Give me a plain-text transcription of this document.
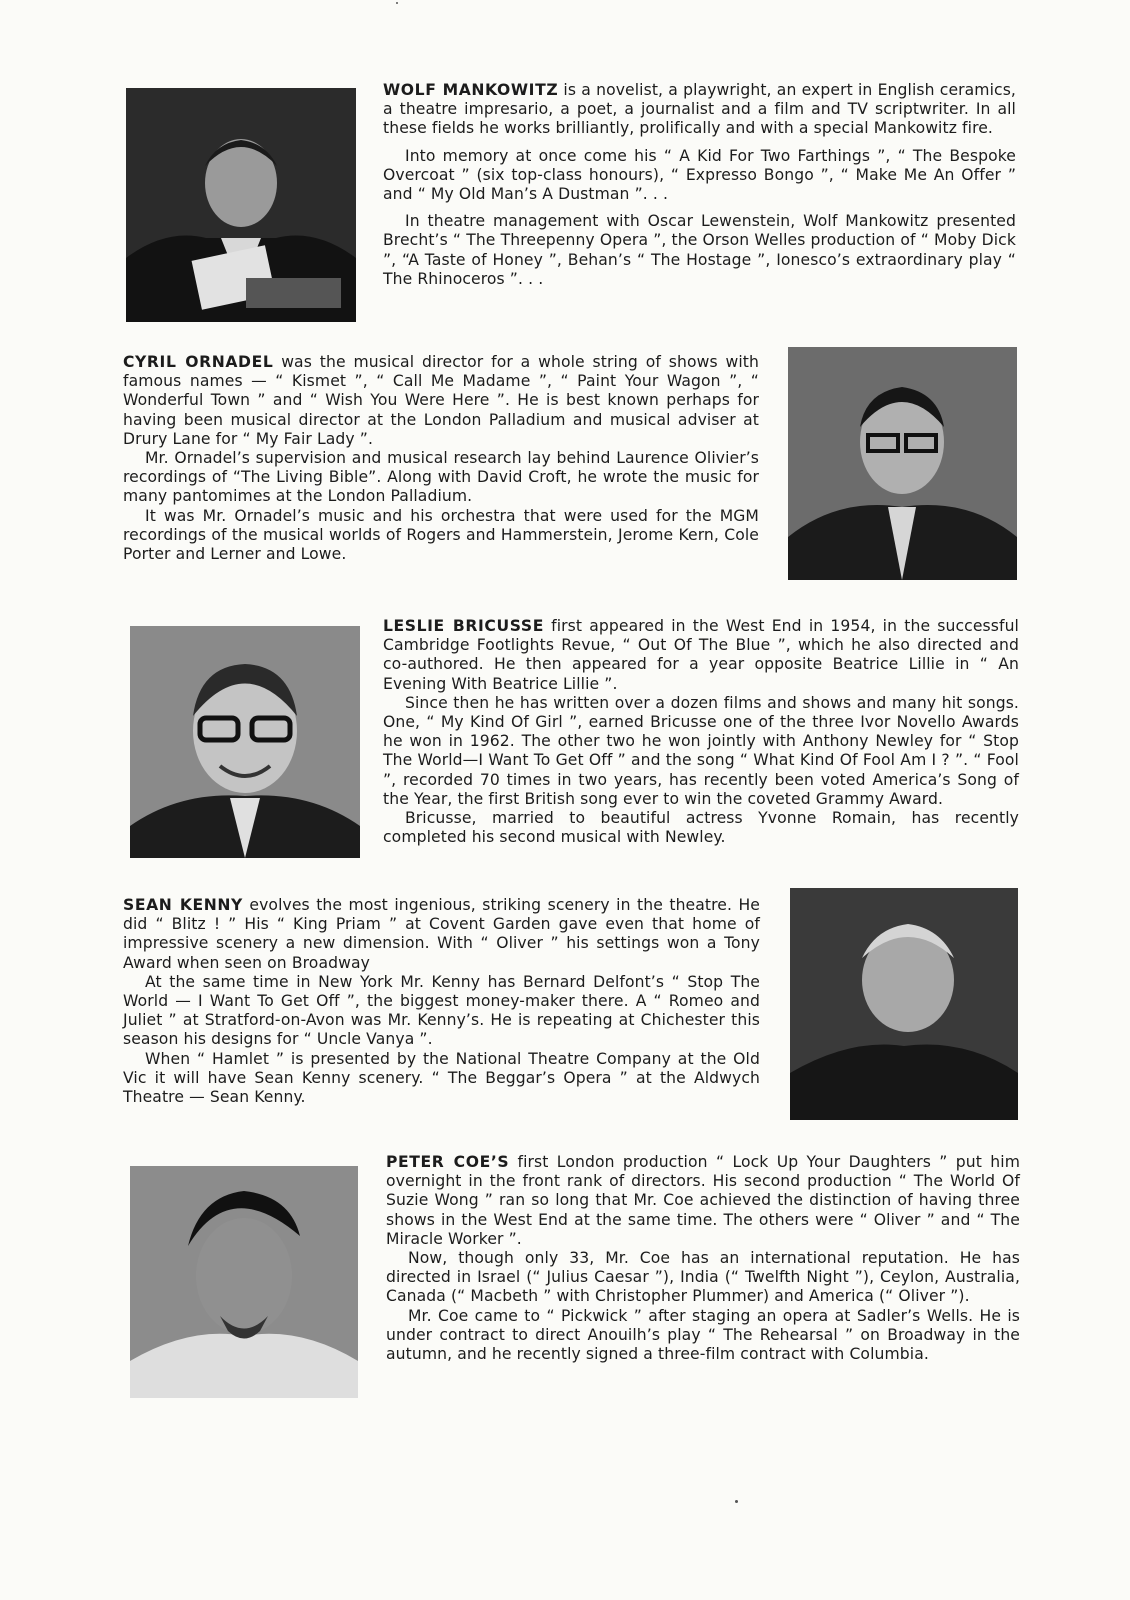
WOLF MANKOWITZ is a novelist, a playwright, an expert in English ceramics, a theatre impresario, a poet, a journalist and a film and TV scriptwriter. In all these fields he works brilliantly, prolifically and with a special Mankowitz fire.

Into memory at once come his “ A Kid For Two Farthings ”, “ The Bespoke Overcoat ” (six top-class honours), “ Expresso Bongo ”, “ Make Me An Offer ” and “ My Old Man’s A Dustman ”. . .

In theatre management with Oscar Lewenstein, Wolf Mankowitz presented Brecht’s “ The Threepenny Opera ”, the Orson Welles production of “ Moby Dick ”, “A Taste of Honey ”, Behan’s “ The Hostage ”, Ionesco’s extraordinary play “ The Rhinoceros ”. . .

CYRIL ORNADEL was the musical director for a whole string of shows with famous names — “ Kismet ”, “ Call Me Madame ”, “ Paint Your Wagon ”, “ Wonderful Town ” and “ Wish You Were Here ”. He is best known perhaps for having been musical director at the London Palladium and musical adviser at Drury Lane for “ My Fair Lady ”.

Mr. Ornadel’s supervision and musical research lay behind Laurence Olivier’s recordings of “The Living Bible”. Along with David Croft, he wrote the music for many pantomimes at the London Palladium.

It was Mr. Ornadel’s music and his orchestra that were used for the MGM recordings of the musical worlds of Rogers and Hammerstein, Jerome Kern, Cole Porter and Lerner and Lowe.

LESLIE BRICUSSE first appeared in the West End in 1954, in the successful Cambridge Footlights Revue, “ Out Of The Blue ”, which he also directed and co-authored. He then appeared for a year opposite Beatrice Lillie in “ An Evening With Beatrice Lillie ”.

Since then he has written over a dozen films and shows and many hit songs. One, “ My Kind Of Girl ”, earned Bricusse one of the three Ivor Novello Awards he won in 1962. The other two he won jointly with Anthony Newley for “ Stop The World—I Want To Get Off ” and the song “ What Kind Of Fool Am I ? ”. “ Fool ”, recorded 70 times in two years, has recently been voted America’s Song of the Year, the first British song ever to win the coveted Grammy Award.

Bricusse, married to beautiful actress Yvonne Romain, has recently completed his second musical with Newley.

SEAN KENNY evolves the most ingenious, striking scenery in the theatre. He did “ Blitz ! ” His “ King Priam ” at Covent Garden gave even that home of impressive scenery a new dimension. With “ Oliver ” his settings won a Tony Award when seen on Broadway

At the same time in New York Mr. Kenny has Bernard Delfont’s “ Stop The World — I Want To Get Off ”, the biggest money-maker there. A “ Romeo and Juliet ” at Stratford-on-Avon was Mr. Kenny’s. He is repeating at Chichester this season his designs for “ Uncle Vanya ”.

When “ Hamlet ” is presented by the National Theatre Company at the Old Vic it will have Sean Kenny scenery. “ The Beggar’s Opera ” at the Aldwych Theatre — Sean Kenny.

PETER COE’S first London production “ Lock Up Your Daughters ” put him overnight in the front rank of directors. His second production “ The World Of Suzie Wong ” ran so long that Mr. Coe achieved the distinction of having three shows in the West End at the same time. The others were “ Oliver ” and “ The Miracle Worker ”.

Now, though only 33, Mr. Coe has an international reputation. He has directed in Israel (“ Julius Caesar ”), India (“ Twelfth Night ”), Ceylon, Australia, Canada (“ Macbeth ” with Christopher Plummer) and America (“ Oliver ”).

Mr. Coe came to “ Pickwick ” after staging an opera at Sadler’s Wells. He is under contract to direct Anouilh’s play “ The Rehearsal ” on Broadway in the autumn, and he recently signed a three-film contract with Columbia.
